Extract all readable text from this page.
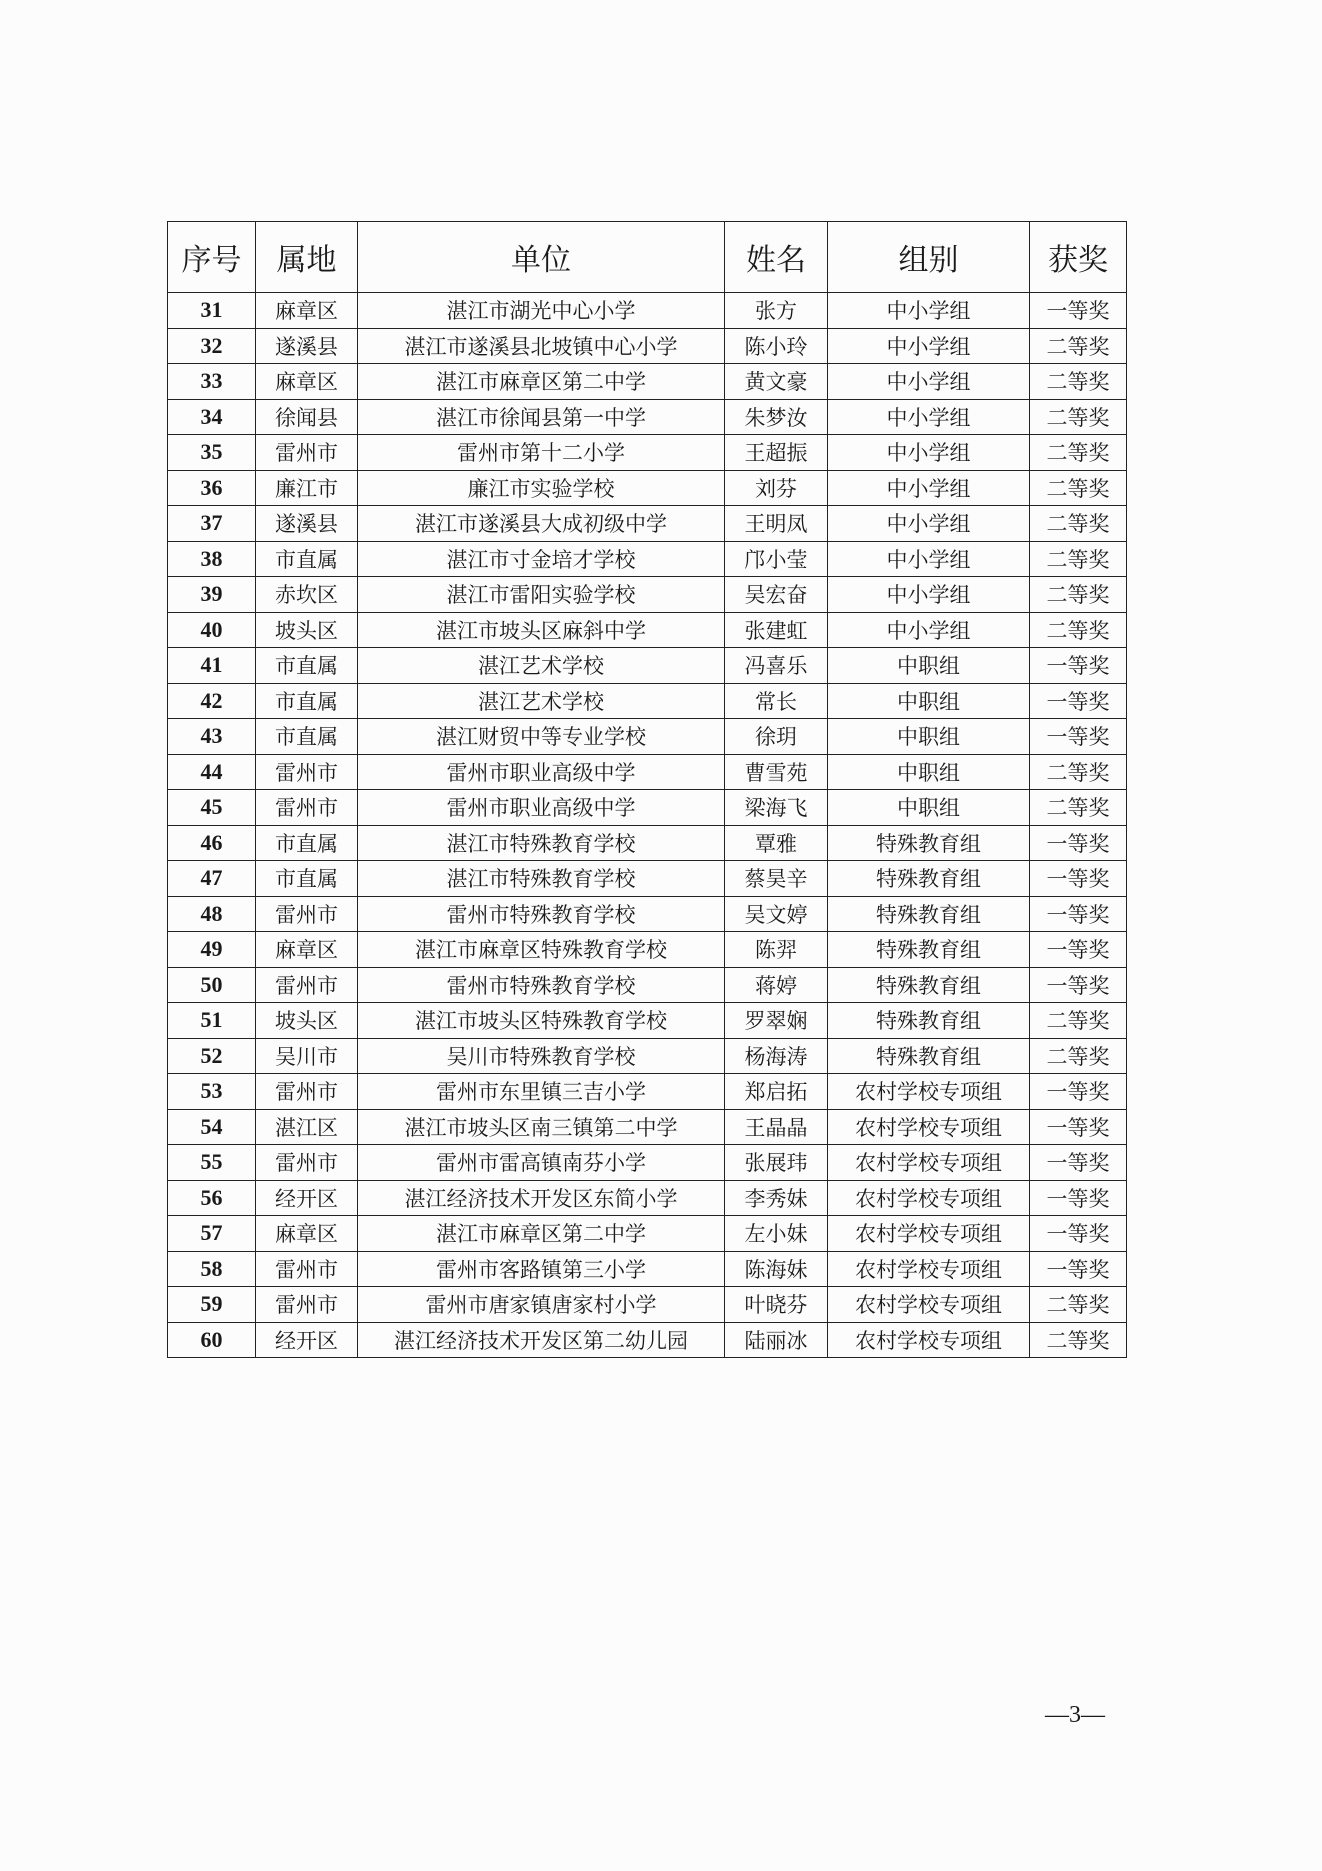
序号	属地	单位	姓名	组别	获奖
31	麻章区	湛江市湖光中心小学	张方	中小学组	一等奖
32	遂溪县	湛江市遂溪县北坡镇中心小学	陈小玲	中小学组	二等奖
33	麻章区	湛江市麻章区第二中学	黄文豪	中小学组	二等奖
34	徐闻县	湛江市徐闻县第一中学	朱梦汝	中小学组	二等奖
35	雷州市	雷州市第十二小学	王超振	中小学组	二等奖
36	廉江市	廉江市实验学校	刘芬	中小学组	二等奖
37	遂溪县	湛江市遂溪县大成初级中学	王明凤	中小学组	二等奖
38	市直属	湛江市寸金培才学校	邝小莹	中小学组	二等奖
39	赤坎区	湛江市雷阳实验学校	吴宏奋	中小学组	二等奖
40	坡头区	湛江市坡头区麻斜中学	张建虹	中小学组	二等奖
41	市直属	湛江艺术学校	冯喜乐	中职组	一等奖
42	市直属	湛江艺术学校	常长	中职组	一等奖
43	市直属	湛江财贸中等专业学校	徐玥	中职组	一等奖
44	雷州市	雷州市职业高级中学	曹雪苑	中职组	二等奖
45	雷州市	雷州市职业高级中学	梁海飞	中职组	二等奖
46	市直属	湛江市特殊教育学校	覃雅	特殊教育组	一等奖
47	市直属	湛江市特殊教育学校	蔡昊辛	特殊教育组	一等奖
48	雷州市	雷州市特殊教育学校	吴文婷	特殊教育组	一等奖
49	麻章区	湛江市麻章区特殊教育学校	陈羿	特殊教育组	一等奖
50	雷州市	雷州市特殊教育学校	蒋婷	特殊教育组	一等奖
51	坡头区	湛江市坡头区特殊教育学校	罗翠娴	特殊教育组	二等奖
52	吴川市	吴川市特殊教育学校	杨海涛	特殊教育组	二等奖
53	雷州市	雷州市东里镇三吉小学	郑启拓	农村学校专项组	一等奖
54	湛江区	湛江市坡头区南三镇第二中学	王晶晶	农村学校专项组	一等奖
55	雷州市	雷州市雷高镇南芬小学	张展玮	农村学校专项组	一等奖
56	经开区	湛江经济技术开发区东简小学	李秀妹	农村学校专项组	一等奖
57	麻章区	湛江市麻章区第二中学	左小妹	农村学校专项组	一等奖
58	雷州市	雷州市客路镇第三小学	陈海妹	农村学校专项组	一等奖
59	雷州市	雷州市唐家镇唐家村小学	叶晓芬	农村学校专项组	二等奖
60	经开区	湛江经济技术开发区第二幼儿园	陆丽冰	农村学校专项组	二等奖
—3—
